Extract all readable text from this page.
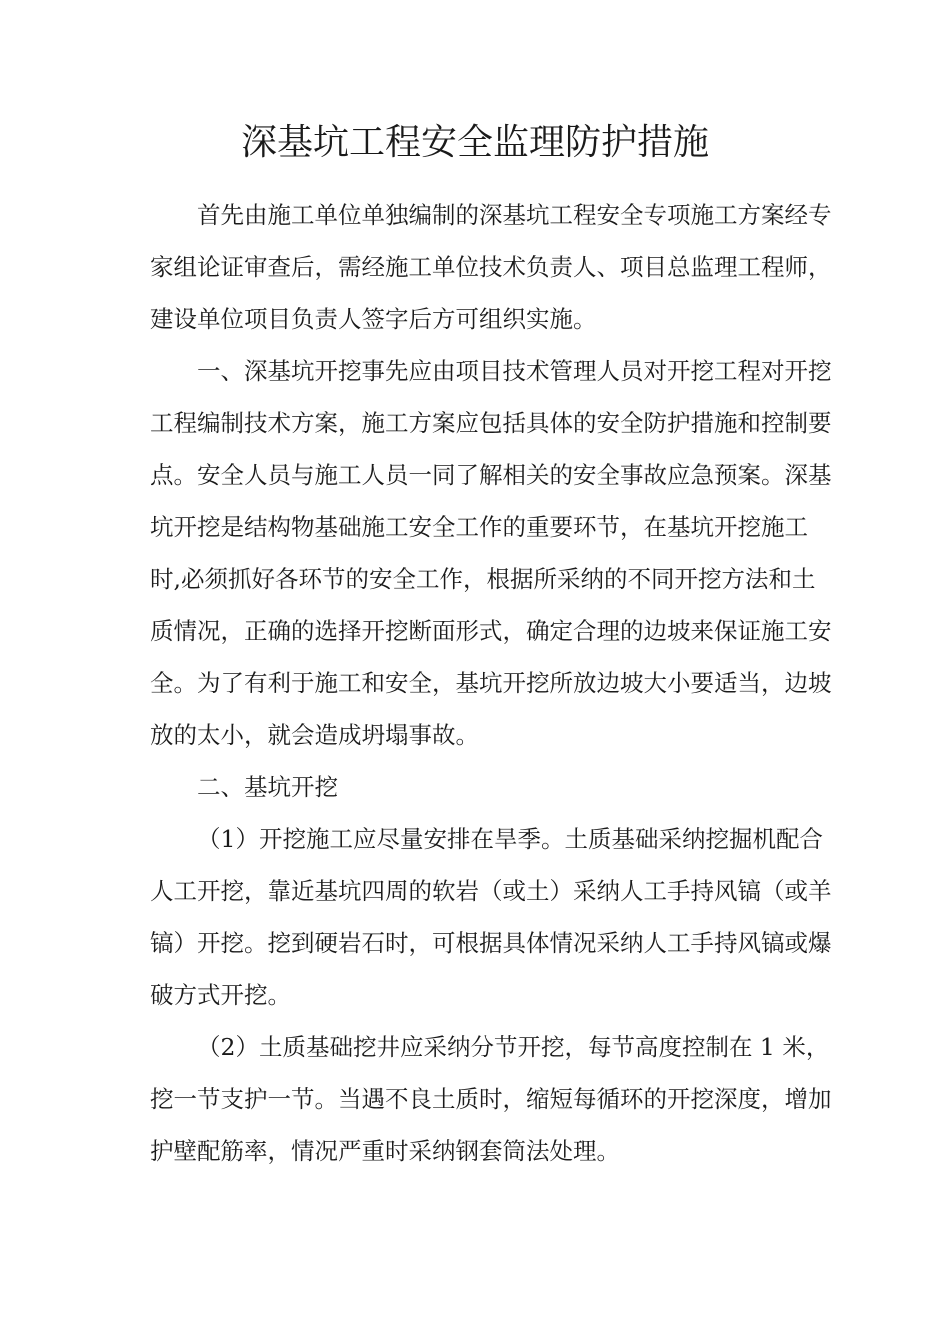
深基坑工程安全监理防护措施

首先由施工单位单独编制的深基坑工程安全专项施工方案经专

家组论证审查后，需经施工单位技术负责人、项目总监理工程师，

建设单位项目负责人签字后方可组织实施。

一、深基坑开挖事先应由项目技术管理人员对开挖工程对开挖

工程编制技术方案，施工方案应包括具体的安全防护措施和控制要

点。安全人员与施工人员一同了解相关的安全事故应急预案。深基

坑开挖是结构物基础施工安全工作的重要环节，在基坑开挖施工

时,必须抓好各环节的安全工作，根据所采纳的不同开挖方法和土

质情况，正确的选择开挖断面形式，确定合理的边坡来保证施工安

全。为了有利于施工和安全，基坑开挖所放边坡大小要适当，边坡

放的太小，就会造成坍塌事故。

二、基坑开挖

（1）开挖施工应尽量安排在旱季。土质基础采纳挖掘机配合

人工开挖，靠近基坑四周的软岩（或土）采纳人工手持风镐（或羊

镐）开挖。挖到硬岩石时，可根据具体情况采纳人工手持风镐或爆

破方式开挖。

（2）土质基础挖井应采纳分节开挖，每节高度控制在 1 米，

挖一节支护一节。当遇不良土质时，缩短每循环的开挖深度，增加

护壁配筋率，情况严重时采纳钢套筒法处理。
